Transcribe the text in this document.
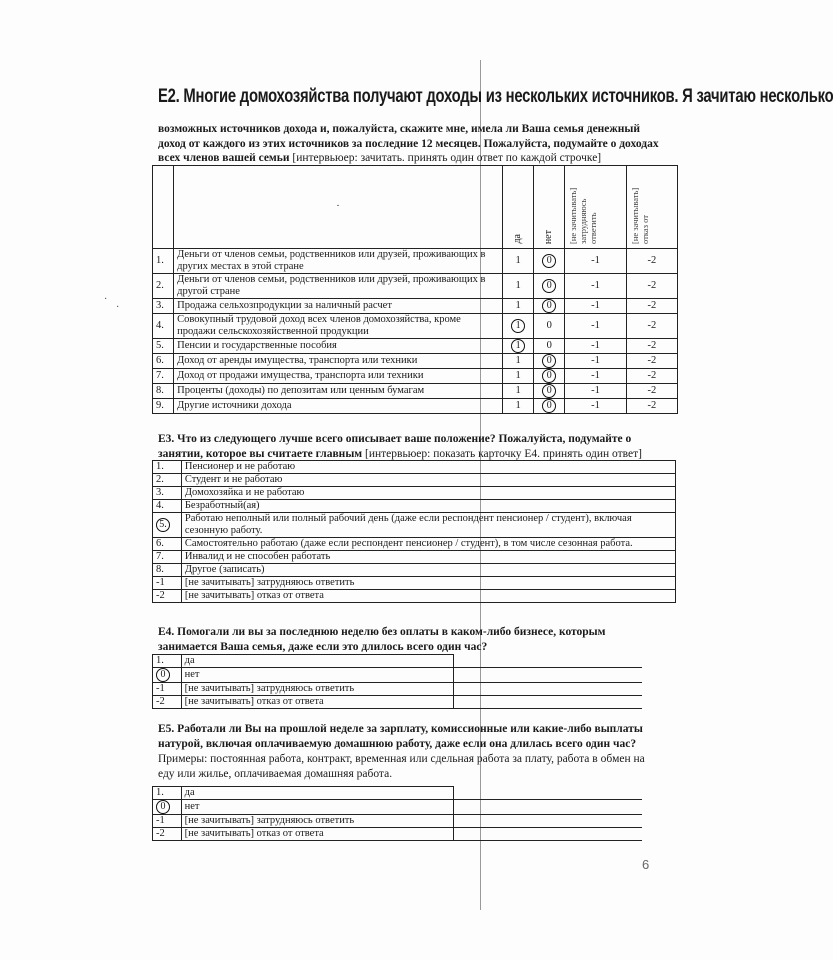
·
·
Е2. Многие домохозяйства получают доходы из нескольких источников. Я зачитаю несколько
возможных источников дохода и, пожалуйста, скажите мне, имела ли Ваша семья денежный доход от каждого из этих источников за последние 12 месяцев. Пожалуйста, подумайте о доходах всех членов вашей семьи [интервьюер: зачитать. принять один ответ по каждой строчке]
	·	да	нет	[не зачитывать] затрудняюсь ответить	[не зачитывать] отказ от
1.	Деньги от членов семьи, родственников или друзей, проживающих в других местах в этой стране	1	0	-1	-2
2.	Деньги от членов семьи, родственников или друзей, проживающих в другой стране	1	0	-1	-2
3.	Продажа сельхозпродукции за наличный расчет	1	0	-1	-2
4.	Совокупный трудовой доход всех членов домохозяйства, кроме продажи сельскохозяйственной продукции	1	0	-1	-2
5.	Пенсии и государственные пособия	1	0	-1	-2
6.	Доход от аренды имущества, транспорта или техники	1	0	-1	-2
7.	Доход от продажи имущества, транспорта или техники	1	0	-1	-2
8.	Проценты (доходы) по депозитам или ценным бумагам	1	0	-1	-2
9.	Другие источники дохода	1	0	-1	-2
Е3. Что из следующего лучше всего описывает ваше положение? Пожалуйста, подумайте о занятии, которое вы считаете главным [интервьюер: показать карточку Е4. принять один ответ]
1.	Пенсионер и не работаю
2.	Студент и не работаю
3.	Домохозяйка и не работаю
4.	Безработный(ая)
5.	Работаю неполный или полный рабочий день (даже если респондент пенсионер / студент), включая сезонную работу.
6.	Самостоятельно работаю (даже если респондент пенсионер / студент), в том числе сезонная работа.
7.	Инвалид и не способен работать
8.	Другое (записать)
-1	[не зачитывать] затрудняюсь ответить
-2	[не зачитывать] отказ от ответа
Е4. Помогали ли вы за последнюю неделю без оплаты в каком-либо бизнесе, которым занимается Ваша семья, даже если это длилось всего один час?
1.	да	
0	нет	
-1	[не зачитывать] затрудняюсь ответить	
-2	[не зачитывать] отказ от ответа	
Е5. Работали ли Вы на прошлой неделе за зарплату, комиссионные или какие-либо выплаты натурой, включая оплачиваемую домашнюю работу, даже если она длилась всего один час? Примеры: постоянная работа, контракт, временная или сдельная работа за плату, работа в обмен на еду или жилье, оплачиваемая домашняя работа.
1.	да	
0	нет	
-1	[не зачитывать] затрудняюсь ответить	
-2	[не зачитывать] отказ от ответа	
6
